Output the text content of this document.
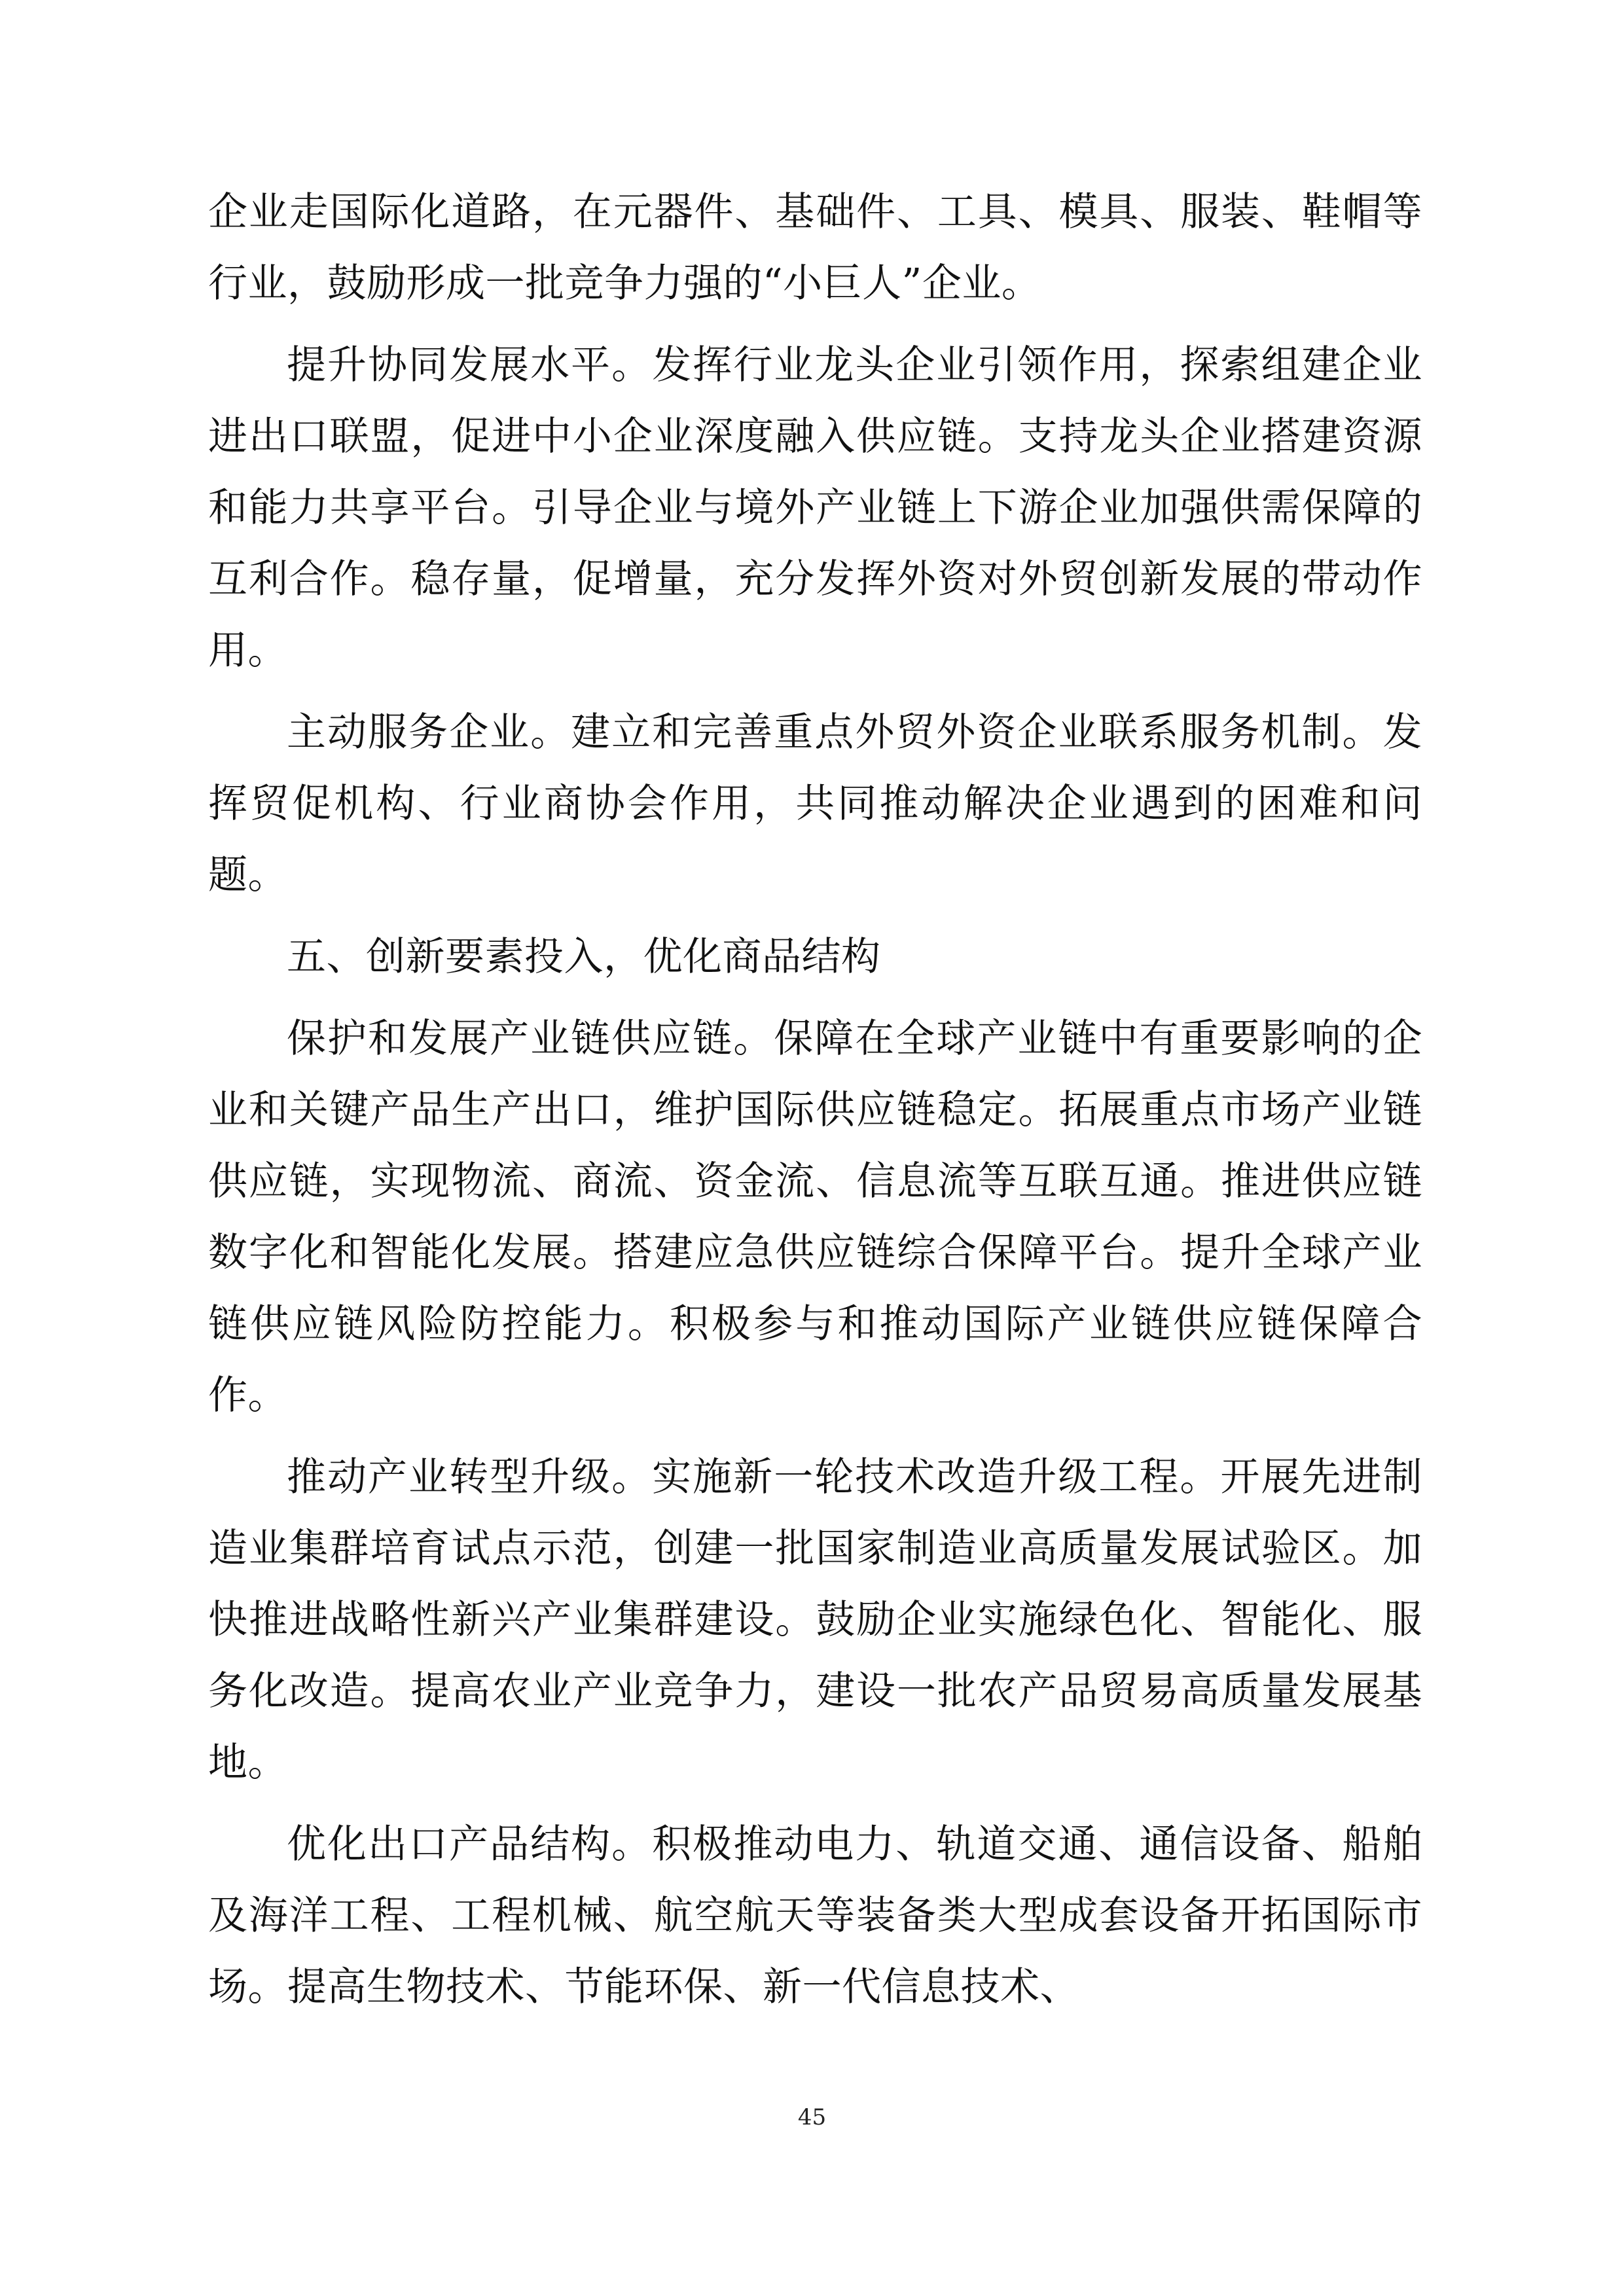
企业走国际化道路，在元器件、基础件、工具、模具、服装、鞋帽等行业，鼓励形成一批竞争力强的“小巨人”企业。

提升协同发展水平。发挥行业龙头企业引领作用，探索组建企业进出口联盟，促进中小企业深度融入供应链。支持龙头企业搭建资源和能力共享平台。引导企业与境外产业链上下游企业加强供需保障的互利合作。稳存量，促增量，充分发挥外资对外贸创新发展的带动作用。

主动服务企业。建立和完善重点外贸外资企业联系服务机制。发挥贸促机构、行业商协会作用，共同推动解决企业遇到的困难和问题。

五、创新要素投入，优化商品结构

保护和发展产业链供应链。保障在全球产业链中有重要影响的企业和关键产品生产出口，维护国际供应链稳定。拓展重点市场产业链供应链，实现物流、商流、资金流、信息流等互联互通。推进供应链数字化和智能化发展。搭建应急供应链综合保障平台。提升全球产业链供应链风险防控能力。积极参与和推动国际产业链供应链保障合作。

推动产业转型升级。实施新一轮技术改造升级工程。开展先进制造业集群培育试点示范，创建一批国家制造业高质量发展试验区。加快推进战略性新兴产业集群建设。鼓励企业实施绿色化、智能化、服务化改造。提高农业产业竞争力，建设一批农产品贸易高质量发展基地。

优化出口产品结构。积极推动电力、轨道交通、通信设备、船舶及海洋工程、工程机械、航空航天等装备类大型成套设备开拓国际市场。提高生物技术、节能环保、新一代信息技术、

45
